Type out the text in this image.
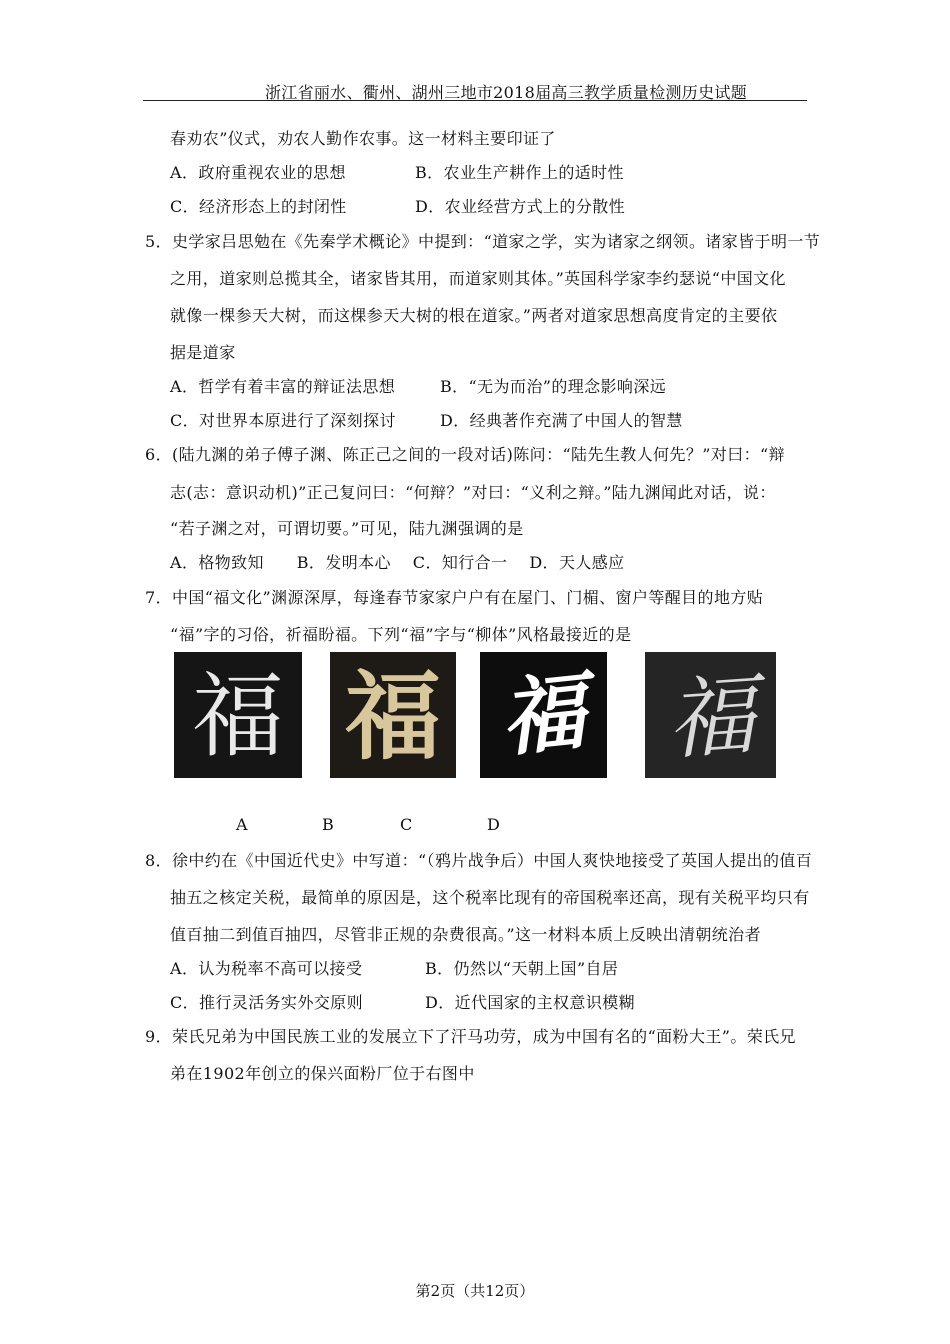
浙江省丽水、衢州、湖州三地市2018届高三教学质量检测历史试题
春劝农”仪式，劝农人勤作农事。这一材料主要印证了
A．政府重视农业的思想	B．农业生产耕作上的适时性
C．经济形态上的封闭性	D．农业经营方式上的分散性
5．史学家吕思勉在《先秦学术概论》中提到：“道家之学，实为诸家之纲领。诸家皆于明一节
之用，道家则总揽其全，诸家皆其用，而道家则其体。”英国科学家李约瑟说“中国文化
就像一棵参天大树，而这棵参天大树的根在道家。”两者对道家思想高度肯定的主要依
据是道家
A．哲学有着丰富的辩证法思想	B．“无为而治”的理念影响深远
C．对世界本原进行了深刻探讨	D．经典著作充满了中国人的智慧
6．(陆九渊的弟子傅子渊、陈正己之间的一段对话)陈问：“陆先生教人何先？”对曰：“辩
志(志：意识动机)”正己复问曰：“何辩？”对曰：“义利之辩。”陆九渊闻此对话，说：
“若子渊之对，可谓切要。”可见，陆九渊强调的是
A．格物致知　　B．发明本心　 C．知行合一　 D．天人感应
7．中国“福文化”渊源深厚，每逢春节家家户户有在屋门、门楣、窗户等醒目的地方贴
“福”字的习俗，祈福盼福。下列“福”字与“柳体”风格最接近的是
福 福 福 福
A	B	C	D
8．徐中约在《中国近代史》中写道：“（鸦片战争后）中国人爽快地接受了英国人提出的值百
抽五之核定关税，最简单的原因是，这个税率比现有的帝国税率还高，现有关税平均只有
值百抽二到值百抽四，尽管非正规的杂费很高。”这一材料本质上反映出清朝统治者
A．认为税率不高可以接受	B．仍然以“天朝上国”自居
C．推行灵活务实外交原则	D．近代国家的主权意识模糊
9．荣氏兄弟为中国民族工业的发展立下了汗马功劳，成为中国有名的“面粉大王”。荣氏兄
弟在1902年创立的保兴面粉厂位于右图中
第2页（共12页）
